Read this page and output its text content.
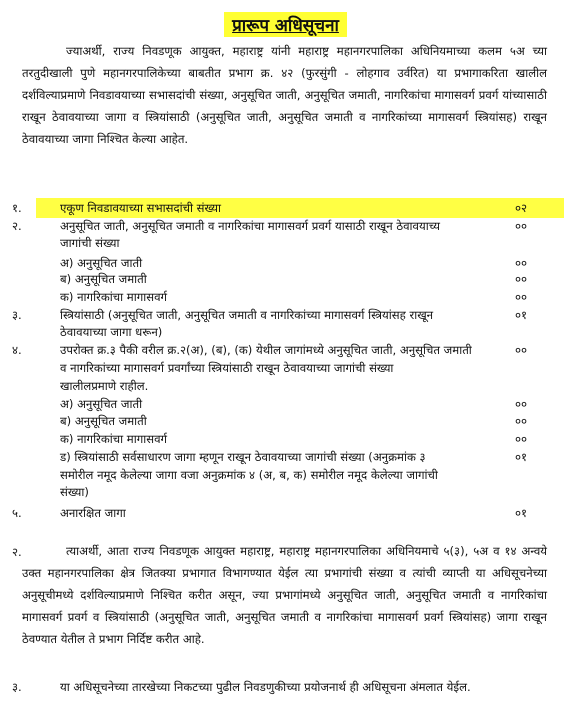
प्रारूप अधिसूचना
ज्याअर्थी, राज्य निवडणूक आयुक्त, महाराष्ट्र यांनी महाराष्ट्र महानगरपालिका अधिनियमाच्या कलम ५अ च्या तरतुदीखाली पुणे महानगरपालिकेच्या बाबतीत प्रभाग क्र. ४२ (फुरसुंगी - लोहगाव उर्वरित) या प्रभागाकरिता खालील दर्शविल्याप्रमाणे निवडावयाच्या सभासदांची संख्या, अनुसूचित जाती, अनुसूचित जमाती, नागरिकांचा मागासवर्ग प्रवर्ग यांच्यासाठी राखून ठेवावयाच्या जागा व स्त्रियांसाठी (अनुसूचित जाती, अनुसूचित जमाती व नागरिकांच्या मागासवर्ग स्त्रियांसह) राखून ठेवावयाच्या जागा निश्चित केल्या आहेत.
२.	त्याअर्थी, आता राज्य निवडणूक आयुक्त महाराष्ट्र, महाराष्ट्र महानगरपालिका अधिनियमाचे ५(३), ५अ व १४ अन्वये उक्त महानगरपालिका क्षेत्र जितक्या प्रभागात विभागण्यात येईल त्या प्रभागांची संख्या व त्यांची व्याप्ती या अधिसूचनेच्या अनुसूचीमध्ये दर्शविल्याप्रमाणे निश्चित करीत असून, ज्या प्रभागांमध्ये अनुसूचित जाती, अनुसूचित जमाती व नागरिकांचा मागासवर्ग प्रवर्ग व स्त्रियांसाठी (अनुसूचित जाती, अनुसूचित जमाती व नागरिकांचा मागासवर्ग प्रवर्ग स्त्रियांसह) जागा राखून ठेवण्यात येतील ते प्रभाग निर्दिष्ट करीत आहे.
३.	या अधिसूचनेच्या तारखेच्या निकटच्या पुढील निवडणुकीच्या प्रयोजनार्थ ही अधिसूचना अंमलात येईल.
१.	एकूण निवडावयाच्या सभासदांची संख्या	०२
२.	अनुसूचित जाती, अनुसूचित जमाती व नागरिकांचा मागासवर्ग प्रवर्ग यासाठी राखून ठेवावयाच्य	००
जागांची संख्या
अ) अनुसूचित जाती	००
ब) अनुसूचित जमाती	००
क) नागरिकांचा मागासवर्ग	००
३.	स्त्रियांसाठी (अनुसूचित जाती, अनुसूचित जमाती व नागरिकांच्या मागासवर्ग स्त्रियांसह राखून	०१
ठेवावयाच्या जागा धरून)
४.	उपरोक्त क्र.३ पैकी वरील क्र.२(अ), (ब), (क) येथील जागांमध्ये अनुसूचित जाती, अनुसूचित जमाती	००
व नागरिकांच्या मागासवर्ग प्रवर्गांच्या स्त्रियांसाठी राखून ठेवावयाच्या जागांची संख्या
खालीलप्रमाणे राहील.
अ) अनुसूचित जाती	००
ब) अनुसूचित जमाती	००
क) नागरिकांचा मागासवर्ग	००
ड) स्त्रियांसाठी सर्वसाधारण जागा म्हणून राखून ठेवावयाच्या जागांची संख्या (अनुक्रमांक ३	०१
समोरील नमूद केलेल्या जागा वजा अनुक्रमांक ४ (अ, ब, क) समोरील नमूद केलेल्या जागांची
संख्या)
५.	अनारक्षित जागा	०१
